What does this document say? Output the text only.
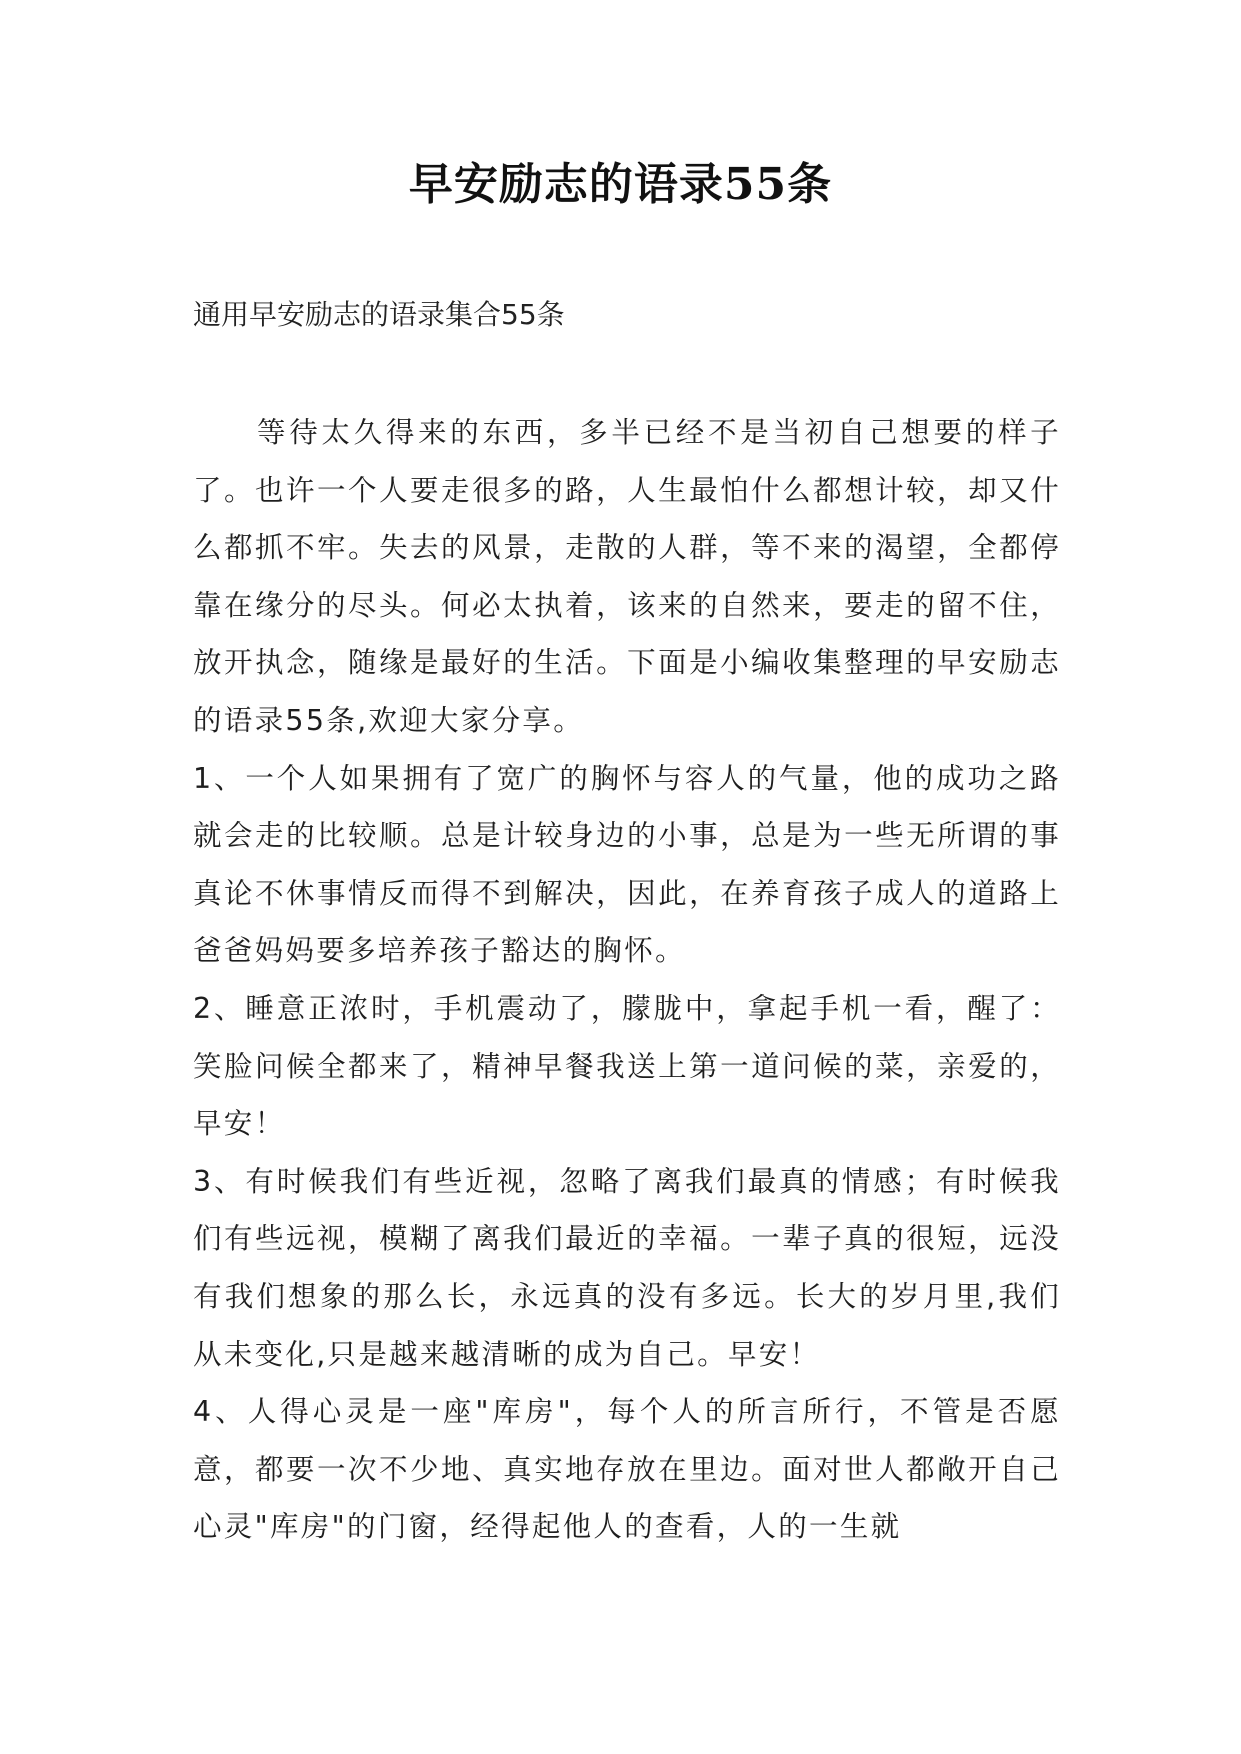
早安励志的语录55条

通用早安励志的语录集合55条

等待太久得来的东西，多半已经不是当初自己想要的样子了。也许一个人要走很多的路，人生最怕什么都想计较，却又什么都抓不牢。失去的风景，走散的人群，等不来的渴望，全都停靠在缘分的尽头。何必太执着，该来的自然来，要走的留不住，放开执念，随缘是最好的生活。下面是小编收集整理的早安励志的语录55条,欢迎大家分享。

1、一个人如果拥有了宽广的胸怀与容人的气量，他的成功之路就会走的比较顺。总是计较身边的小事，总是为一些无所谓的事真论不休事情反而得不到解决，因此，在养育孩子成人的道路上爸爸妈妈要多培养孩子豁达的胸怀。

2、睡意正浓时，手机震动了，朦胧中，拿起手机一看，醒了：笑脸问候全都来了，精神早餐我送上第一道问候的菜，亲爱的，早安！

3、有时候我们有些近视，忽略了离我们最真的情感；有时候我们有些远视，模糊了离我们最近的幸福。一辈子真的很短，远没有我们想象的那么长，永远真的没有多远。长大的岁月里,我们从未变化,只是越来越清晰的成为自己。早安！

4、人得心灵是一座"库房"，每个人的所言所行，不管是否愿意，都要一次不少地、真实地存放在里边。面对世人都敞开自己心灵"库房"的门窗，经得起他人的查看，人的一生就
